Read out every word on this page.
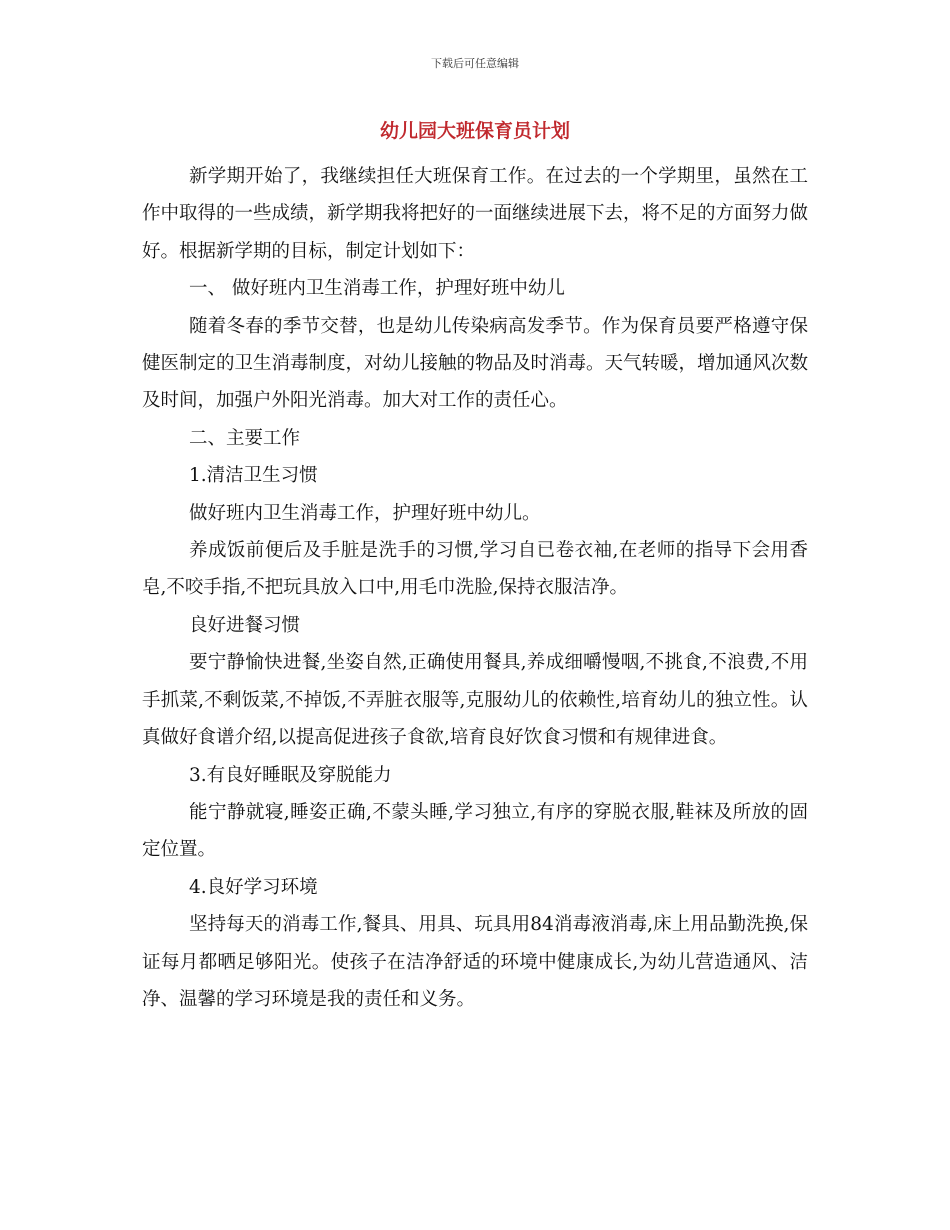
下载后可任意编辑
幼儿园大班保育员计划

新学期开始了，我继续担任大班保育工作。在过去的一个学期里，虽然在工作中取得的一些成绩，新学期我将把好的一面继续进展下去，将不足的方面努力做好。根据新学期的目标，制定计划如下：

一、 做好班内卫生消毒工作，护理好班中幼儿

随着冬春的季节交替，也是幼儿传染病高发季节。作为保育员要严格遵守保健医制定的卫生消毒制度，对幼儿接触的物品及时消毒。天气转暖，增加通风次数及时间，加强户外阳光消毒。加大对工作的责任心。

二、主要工作

1.清洁卫生习惯

做好班内卫生消毒工作，护理好班中幼儿。

养成饭前便后及手脏是洗手的习惯,学习自已卷衣袖,在老师的指导下会用香皂,不咬手指,不把玩具放入口中,用毛巾洗脸,保持衣服洁净。

良好进餐习惯

要宁静愉快进餐,坐姿自然,正确使用餐具,养成细嚼慢咽,不挑食,不浪费,不用手抓菜,不剩饭菜,不掉饭,不弄脏衣服等,克服幼儿的依赖性,培育幼儿的独立性。认真做好食谱介绍,以提高促进孩子食欲,培育良好饮食习惯和有规律进食。

3.有良好睡眠及穿脱能力

能宁静就寝,睡姿正确,不蒙头睡,学习独立,有序的穿脱衣服,鞋袜及所放的固定位置。

4.良好学习环境

坚持每天的消毒工作,餐具、用具、玩具用84消毒液消毒,床上用品勤洗换,保证每月都晒足够阳光。使孩子在洁净舒适的环境中健康成长,为幼儿营造通风、洁净、温馨的学习环境是我的责任和义务。
